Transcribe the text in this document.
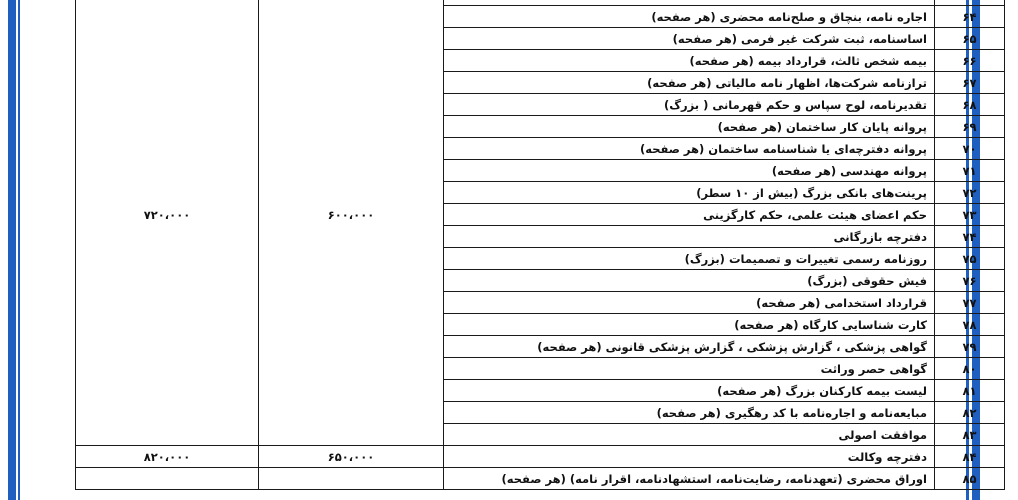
		۶۰۰،۰۰۰	۷۲۰،۰۰۰
۶۴	اجاره نامه، بنچاق و صلح‌نامه محضری (هر صفحه)		
۶۵	اساسنامه، ثبت شرکت غیر فرمی (هر صفحه)		
۶۶	بیمه شخص ثالث، قرارداد بیمه (هر صفحه)		
۶۷	ترازنامه شرکت‌ها، اظهار نامه مالیاتی (هر صفحه)		
۶۸	تقدیرنامه، لوح سپاس و حکم قهرمانی ( بزرگ)		
۶۹	پروانه پایان کار ساختمان (هر صفحه)		
۷۰	پروانه دفترچه‌ای یا شناسنامه ساختمان (هر صفحه)		
۷۱	پروانه مهندسی (هر صفحه)		
۷۲	پرینت‌های بانکی بزرگ (بیش از ۱۰ سطر)		
۷۳	حکم اعضای هیئت علمی، حکم کارگزینی		
۷۴	دفترچه بازرگانی		
۷۵	روزنامه رسمی تغییرات و تصمیمات (بزرگ)		
۷۶	فیش حقوقی (بزرگ)		
۷۷	قرارداد استخدامی (هر صفحه)		
۷۸	کارت شناسایی کارگاه (هر صفحه)		
۷۹	گواهی پزشکی ، گزارش پزشکی ، گزارش پزشکی قانونی (هر صفحه)		
۸۰	گواهی حصر وراثت		
۸۱	لیست بیمه کارکنان بزرگ (هر صفحه)		
۸۲	مبایعه‌نامه و اجاره‌نامه با کد رهگیری (هر صفحه)		
۸۳	موافقت اصولی		
۸۴	دفترچه وکالت	۶۵۰،۰۰۰	۸۲۰،۰۰۰
۸۵	اوراق محضری (تعهدنامه، رضایت‌نامه، استشهادنامه، اقرار نامه) (هر صفحه)		
